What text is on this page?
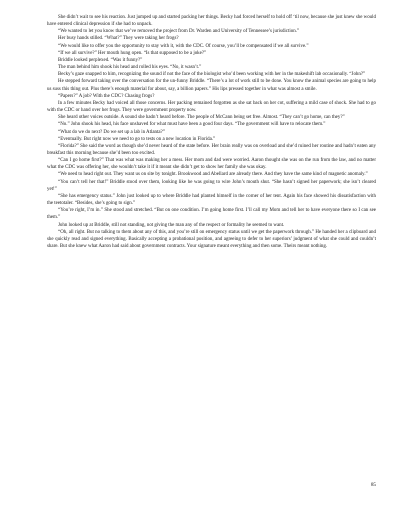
She didn’t wait to see his reaction. Just jumped up and started packing her things. Becky had forced herself to hold off ‘til now, because she just knew she would have entered clinical depression if she had to unpack.

“We wanted to let you know that we’ve removed the project from Dr. Warden and University of Tennessee’s jurisdiction.”

Her busy hands stilled. “What?” They were taking her frogs?

“We would like to offer you the opportunity to stay with it, with the CDC. Of course, you’ll be compensated if we all survive.”

“If we all survive?” Her mouth hung open. “Is that supposed to be a joke?”

Briddle looked perplexed. “Was it funny?”

The man behind him shook his head and rolled his eyes. “No, it wasn’t.”

Becky’s gaze snapped to him, recognizing the sound if not the face of the biologist who’d been working with her in the makeshift lab occasionally. “John?”

He stepped forward taking over the conversation for the un-funny Briddle. “There’s a lot of work still to be done. You know the animal species are going to help us suss this thing out. Plus there’s enough material for about, say, a billion papers.” His lips pressed together in what was almost a smile.

“Papers?” A job? With the CDC? Chasing frogs?

In a few minutes Becky had voiced all those concerns. Her packing remained forgotten as she sat back on her cot, suffering a mild case of shock. She had to go with the CDC or hand over her frogs. They were government property now.

She heard other voices outside. A sound she hadn’t heard before. The people of McCann being set free. Almost. “They can’t go home, can they?”

“No.” John shook his head, his face unshaved for what must have been a good four days. “The government will have to relocate them.”

“What do we do next? Do we set up a lab in Atlanta?”

“Eventually. But right now we need to go to tests on a new location in Florida.”

“Florida?” She said the word as though she’d never heard of the state before. Her brain really was on overload and she’d ruined her routine and hadn’t eaten any breakfast this morning because she’d been too excited.

“Can I go home first?” That was what was making her a mess. Her mom and dad were worried. Aaron thought she was on the run from the law, and no matter what the CDC was offering her, she wouldn’t take it if it meant she didn’t get to show her family she was okay.

“We need to head right out. They want us on site by tonight. Brookwood and Abellard are already there. And they have the same kind of magnetic anomaly.”

“You can’t tell her that!” Briddle stood over them, looking like he was going to wire John’s mouth shut. “She hasn’t signed her paperwork; she isn’t cleared yet!”

“She has emergency status.” John just looked up to where Briddle had planted himself in the corner of her tent. Again his face showed his dissatisfaction with the teetotaler. “Besides, she’s going to sign.”

“You’re right, I’m in.” She stood and stretched. “But on one condition. I’m going home first. I’ll call my Mom and tell her to have everyone there so I can see them.”

John looked up at Briddle, still not standing, not giving the man any of the respect or formality he seemed to want.

“Oh, all right. But no talking to them about any of this, and you’re still on emergency status until we get the paperwork through.” He handed her a clipboard and she quickly read and signed everything. Basically accepting a probational position, and agreeing to defer to her superiors’ judgment of what she could and couldn’t share. But she knew what Aaron had said about government contracts. Your signature meant everything and then some. Theirs meant nothing.

85
